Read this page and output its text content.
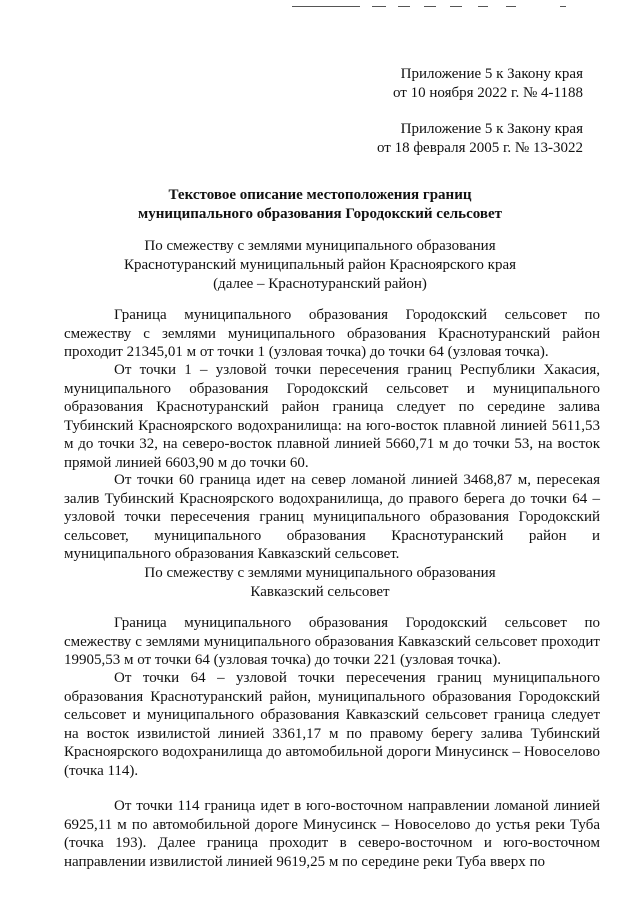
Приложение 5 к Закону края
от 10 ноября 2022 г. № 4-1188
Приложение 5 к Закону края
от 18 февраля 2005 г. № 13-3022
Текстовое описание местоположения границ
муниципального образования Городокский сельсовет
По смежеству с землями муниципального образования
Краснотуранский муниципальный район Красноярского края
(далее – Краснотуранский район)

Граница муниципального образования Городокский сельсовет по смежеству с землями муниципального образования Краснотуранский район проходит 21345,01 м от точки 1 (узловая точка) до точки 64 (узловая точка).

От точки 1 – узловой точки пересечения границ Республики Хакасия, муниципального образования Городокский сельсовет и муниципального образования Краснотуранский район граница следует по середине залива Тубинский Красноярского водохранилища: на юго-восток плавной линией 5611,53 м до точки 32, на северо-восток плавной линией 5660,71 м до точки 53, на восток прямой линией 6603,90 м до точки 60.

От точки 60 граница идет на север ломаной линией 3468,87 м, пересекая залив Тубинский Красноярского водохранилища, до правого берега до точки 64 – узловой точки пересечения границ муниципального образования Городокский сельсовет, муниципального образования Краснотуранский район и муниципального образования Кавказский сельсовет.

По смежеству с землями муниципального образования
Кавказский сельсовет

Граница муниципального образования Городокский сельсовет по смежеству с землями муниципального образования Кавказский сельсовет проходит 19905,53 м от точки 64 (узловая точка) до точки 221 (узловая точка).

От точки 64 – узловой точки пересечения границ муниципального образования Краснотуранский район, муниципального образования Городокский сельсовет и муниципального образования Кавказский сельсовет граница следует на восток извилистой линией 3361,17 м по правому берегу залива Тубинский Красноярского водохранилища до автомобильной дороги Минусинск – Новоселово (точка 114).

От точки 114 граница идет в юго-восточном направлении ломаной линией 6925,11 м по автомобильной дороге Минусинск – Новоселово до устья реки Туба (точка 193). Далее граница проходит в северо-восточном и юго-восточном направлении извилистой линией 9619,25 м по середине реки Туба вверх по
